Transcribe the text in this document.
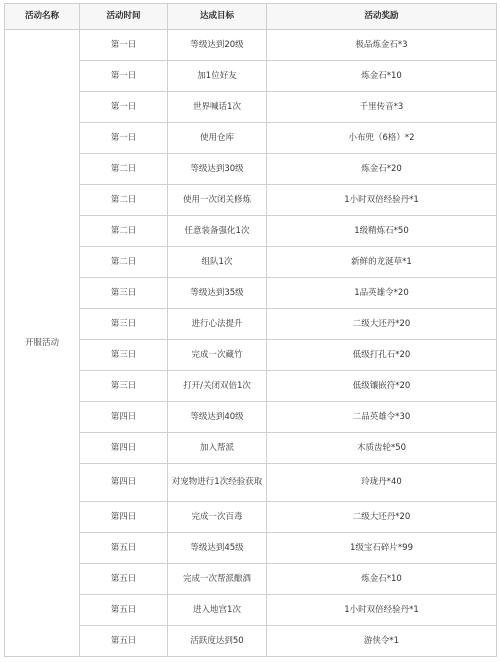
活动名称	活动时间	达成目标	活动奖励
开服活动	第一日	等级达到20级	极品炼金石*3
	第一日	加1位好友	炼金石*10
	第一日	世界喊话1次	千里传音*3
	第一日	使用仓库	小布兜（6格）*2
	第二日	等级达到30级	炼金石*20
	第二日	使用一次闭关修炼	1小时双倍经验丹*1
	第二日	任意装备强化1次	1级精炼石*50
	第二日	组队1次	新鲜的龙涎草*1
	第三日	等级达到35级	1品英雄令*20
	第三日	进行心法提升	二级大还丹*20
	第三日	完成一次藏竹	低级打孔石*20
	第三日	打开/关闭双倍1次	低级镶嵌符*20
	第四日	等级达到40级	二品英雄令*30
	第四日	加入帮派	木质齿轮*50
	第四日	对宠物进行1次经验获取	玲珑丹*40
	第四日	完成一次百毒	二级大还丹*20
	第五日	等级达到45级	1级宝石碎片*99
	第五日	完成一次帮派酿酒	炼金石*10
	第五日	进入地宫1次	1小时双倍经验丹*1
	第五日	活跃度达到50	游侠令*1
